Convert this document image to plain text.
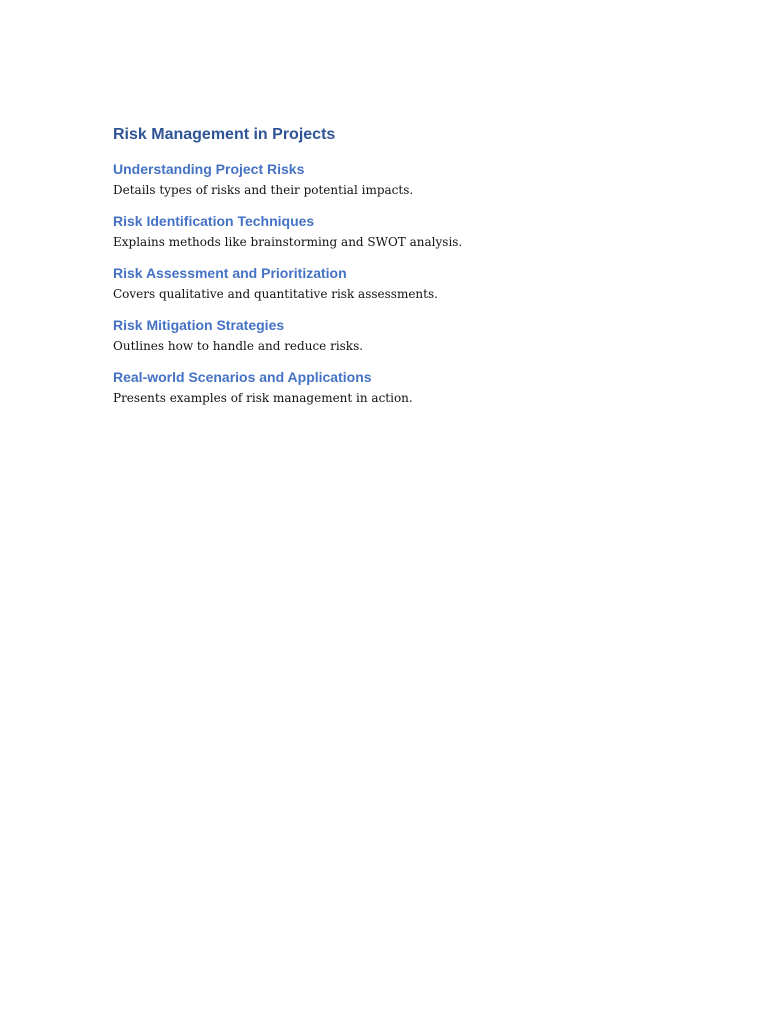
Risk Management in Projects
Understanding Project Risks

Details types of risks and their potential impacts.

Risk Identification Techniques

Explains methods like brainstorming and SWOT analysis.

Risk Assessment and Prioritization

Covers qualitative and quantitative risk assessments.

Risk Mitigation Strategies

Outlines how to handle and reduce risks.

Real-world Scenarios and Applications

Presents examples of risk management in action.
